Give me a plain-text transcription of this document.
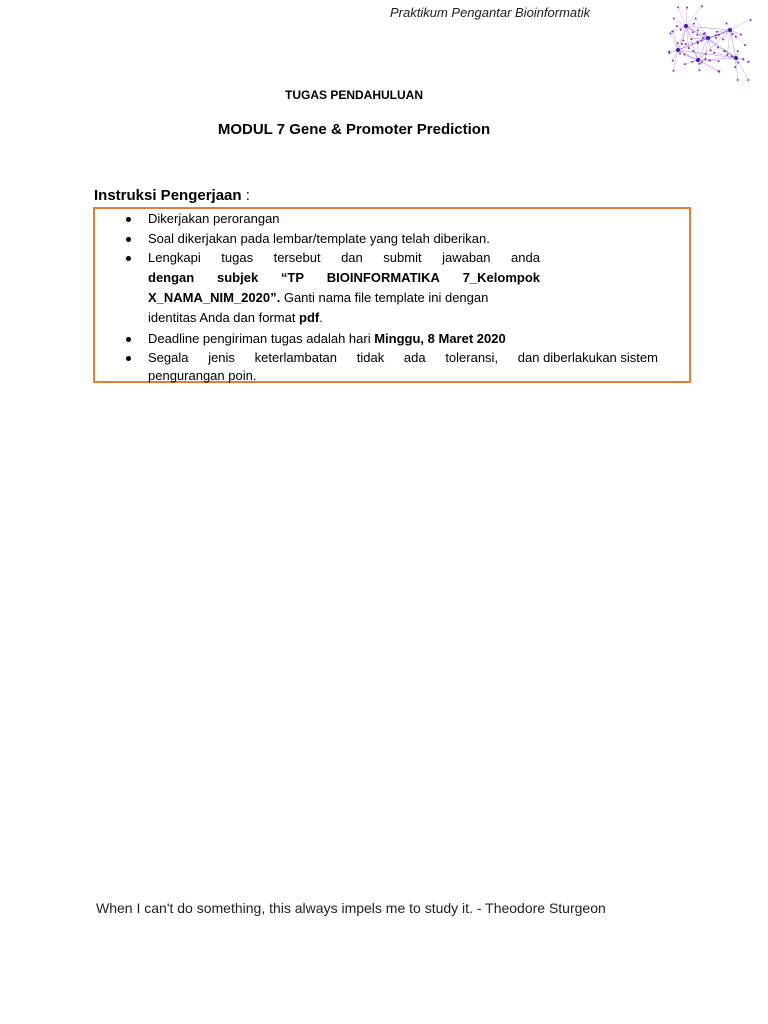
Praktikum Pengantar Bioinformatik
TUGAS PENDAHULUAN
MODUL 7 Gene & Promoter Prediction
Instruksi Pengerjaan :
Dikerjakan perorangan
Soal dikerjakan pada lembar/template yang telah diberikan.
Lengkapi tugas tersebut dan submit jawaban anda
dengan subjek “TP BIOINFORMATIKA 7_Kelompok
X_NAMA_NIM_2020”. Ganti nama file template ini dengan
identitas Anda dan format pdf.
Deadline pengiriman tugas adalah hari Minggu, 8 Maret 2020
Segala jenis keterlambatan tidak ada toleransi, dan diberlakukan sistem
pengurangan poin.
When I can't do something, this always impels me to study it. - Theodore Sturgeon
